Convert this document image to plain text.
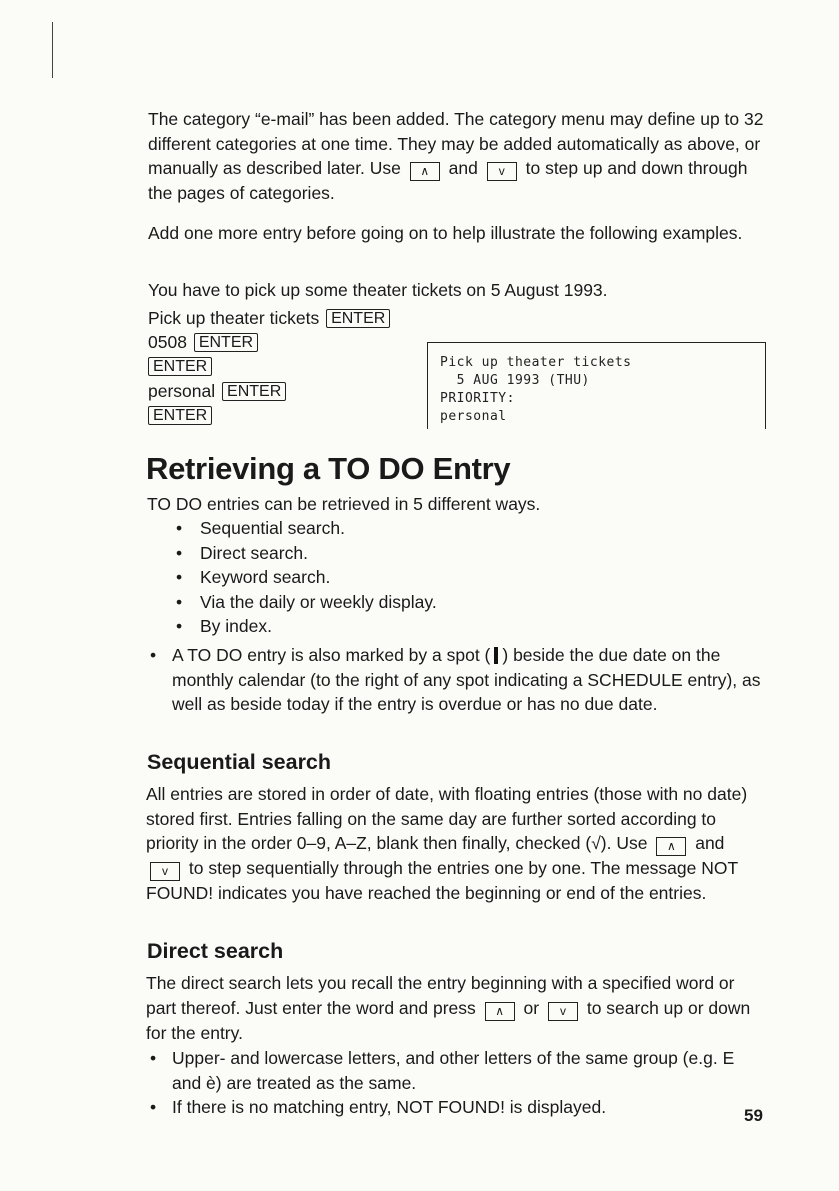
The category “e-mail” has been added. The category menu may define up to 32 different categories at one time. They may be added automatically as above, or manually as described later. Use ∧ and v to step up and down through the pages of categories.

Add one more entry before going on to help illustrate the following examples.

You have to pick up some theater tickets on 5 August 1993.

Pick up theater tickets ENTER
0508 ENTER
ENTER
personal ENTER
ENTER
Pick up theater tickets
5 AUG 1993 (THU)
PRIORITY:
personal
Retrieving a TO DO Entry

TO DO entries can be retrieved in 5 different ways.

• Sequential search.
• Direct search.
• Keyword search.
• Via the daily or weekly display.
• By index.
• A TO DO entry is also marked by a spot ( ) beside the due date on the monthly calendar (to the right of any spot indicating a SCHEDULE entry), as well as beside today if the entry is overdue or has no due date.
Sequential search

All entries are stored in order of date, with floating entries (those with no date) stored first. Entries falling on the same day are further sorted according to priority in the order 0–9, A–Z, blank then finally, checked (√). Use ∧ and v to step sequentially through the entries one by one. The message NOT FOUND! indicates you have reached the beginning or end of the entries.

Direct search

The direct search lets you recall the entry beginning with a specified word or part thereof. Just enter the word and press ∧ or v to search up or down for the entry.

• Upper- and lowercase letters, and other letters of the same group (e.g. E and è) are treated as the same.
• If there is no matching entry, NOT FOUND! is displayed.	59
